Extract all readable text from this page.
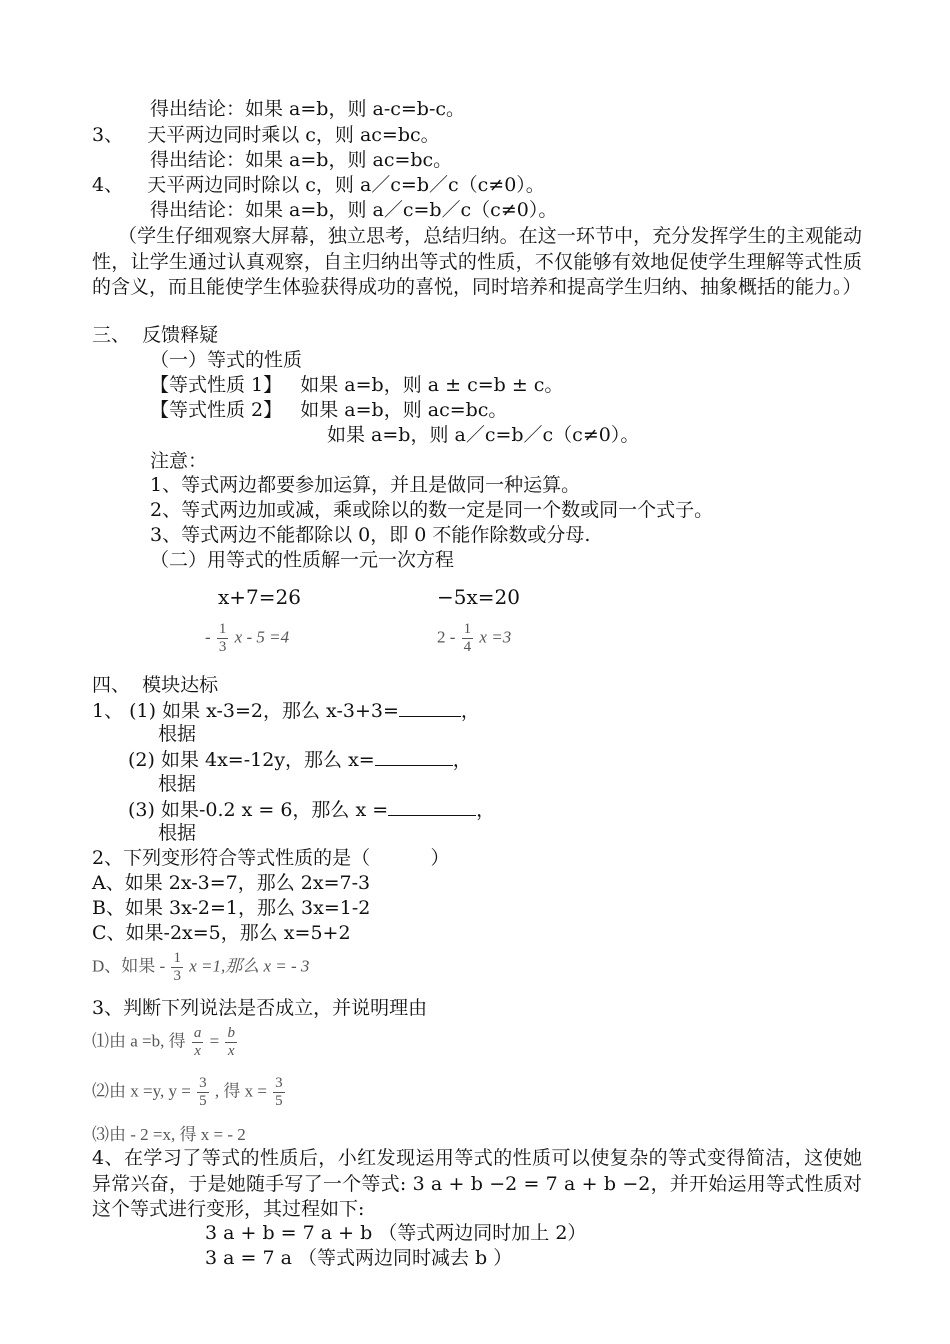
得出结论：如果 a=b，则 a-c=b-c。
3、    天平两边同时乘以 c，则 ac=bc。
得出结论：如果 a=b，则 ac=bc。
4、    天平两边同时除以 c，则 a／c=b／c（c≠0）。
得出结论：如果 a=b，则 a／c=b／c（c≠0）。
（学生仔细观察大屏幕，独立思考，总结归纳。在这一环节中，充分发挥学生的主观能动性，让学生通过认真观察，自主归纳出等式的性质，不仅能够有效地促使学生理解等式性质的含义，而且能使学生体验获得成功的喜悦，同时培养和提高学生归纳、抽象概括的能力。）
三、  反馈释疑
（一）等式的性质
【等式性质 1】   如果 a=b，则 a ± c=b ± c。
【等式性质 2】   如果 a=b，则 ac=bc。
如果 a=b，则 a／c=b／c（c≠0）。
注意：
1、等式两边都要参加运算，并且是做同一种运算。
2、等式两边加或减，乘或除以的数一定是同一个数或同一个式子。
3、等式两边不能都除以 0，即 0 不能作除数或分母.
（二）用等式的性质解一元一次方程
x+7=26	−5x=20
- $\frac{1}{3}$ x - 5 =4	$2 - \frac{1}{4}$ x =3
四、  模块达标
1、 (1) 如果 x-3=2，那么 x-3+3=	，
根据
(2) 如果 4x=-12y，那么 x=	，
根据
(3) 如果-0.2 x = 6，那么 x =	，
根据
2、下列变形符合等式性质的是（          ）
A、如果 2x-3=7，那么 2x=7-3
B、如果 3x-2=1，那么 3x=1-2
C、如果-2x=5，那么 x=5+2
D、如果 - $\frac{1}{3}$ x =1,那么 x = - 3
3、判断下列说法是否成立，并说明理由
⑴由 a =b, 得 $\frac{a}{x} = \frac{b}{x}$
⑵由 x =y, $y = \frac{3}{5}$ , 得 $x = \frac{3}{5}$
⑶由 - 2 =x, 得 x = - 2
4、在学习了等式的性质后，小红发现运用等式的性质可以使复杂的等式变得简洁，这使她异常兴奋，于是她随手写了一个等式: 3 a + b −2 = 7 a + b −2，并开始运用等式性质对这个等式进行变形，其过程如下:
3 a + b = 7 a + b （等式两边同时加上 2）
3 a = 7 a （等式两边同时减去 b ）
